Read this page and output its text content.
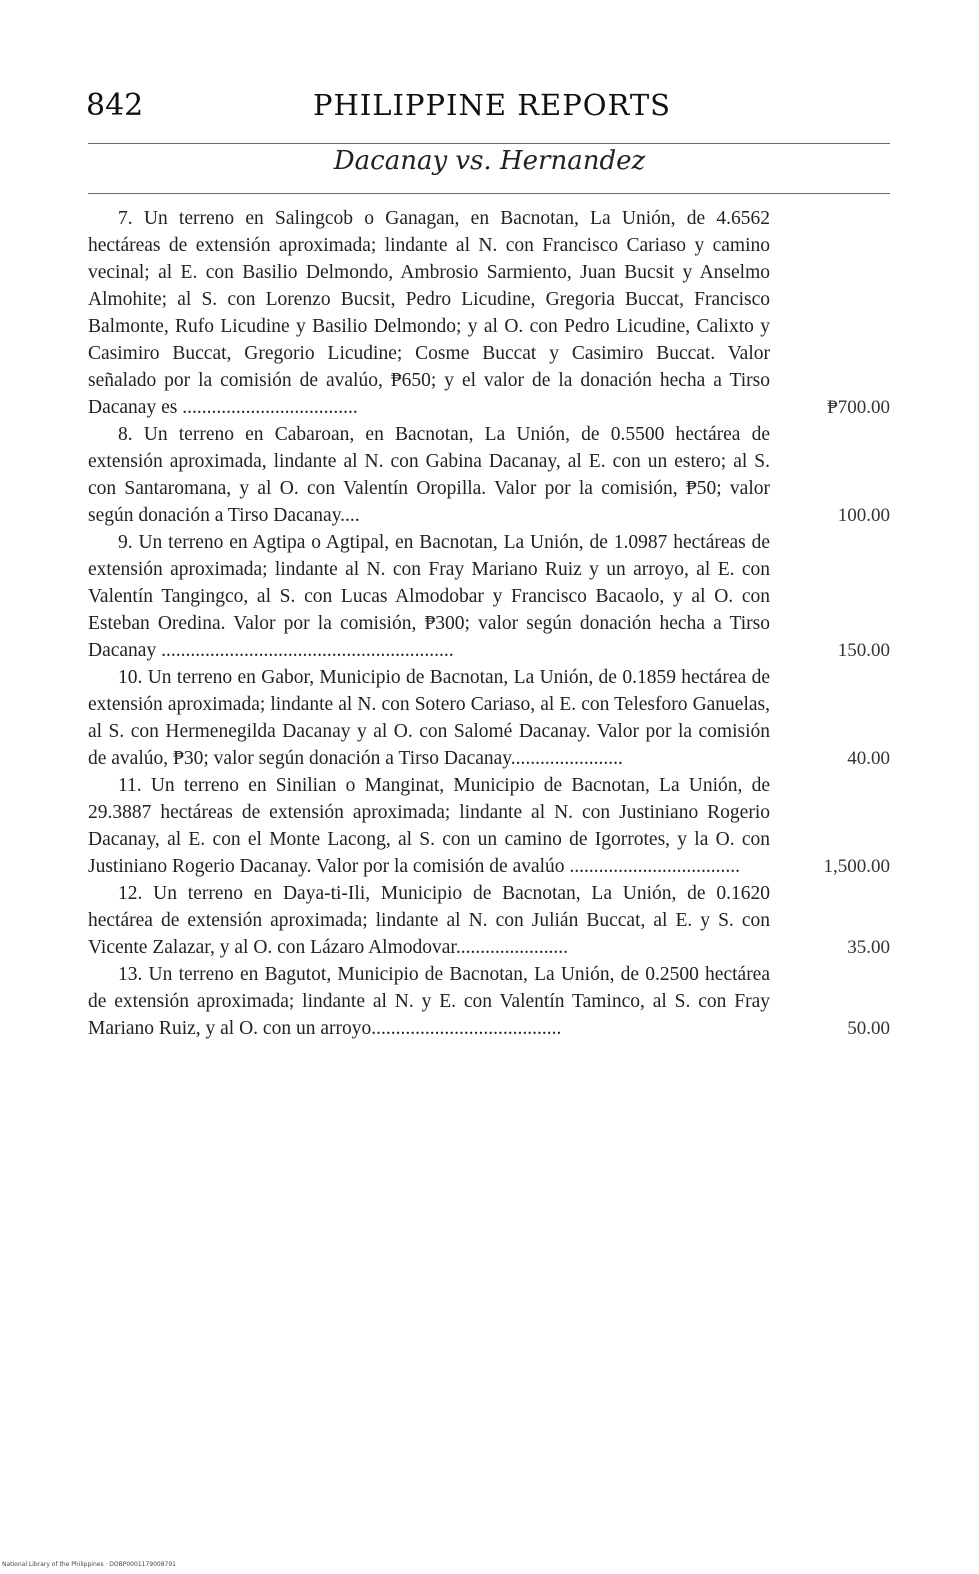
842	PHILIPPINE REPORTS
Dacanay vs. Hernandez

7. Un terreno en Salingcob o Ganagan, en Bacnotan, La Unión, de 4.6562 hectáreas de extensión aproximada; lindante al N. con Francisco Cariaso y camino vecinal; al E. con Basilio Delmondo, Ambrosio Sarmiento, Juan Bucsit y Anselmo Almohite; al S. con Lorenzo Bucsit, Pedro Licudine, Gregoria Buccat, Francisco Balmonte, Rufo Licudine y Basilio Delmondo; y al O. con Pedro Licudine, Calixto y Casimiro Buccat, Gregorio Licudine; Cosme Buccat y Casimiro Buccat. Valor señalado por la comisión de avalúo, ₱650; y el valor de la donación hecha a Tirso Dacanay es ....................................	₱700.00

8. Un terreno en Cabaroan, en Bacnotan, La Unión, de 0.5500 hectárea de extensión aproximada, lindante al N. con Gabina Dacanay, al E. con un estero; al S. con Santaromana, y al O. con Valentín Oropilla. Valor por la comisión, ₱50; valor según donación a Tirso Dacanay....	100.00

9. Un terreno en Agtipa o Agtipal, en Bacnotan, La Unión, de 1.0987 hectáreas de extensión aproximada; lindante al N. con Fray Mariano Ruiz y un arroyo, al E. con Valentín Tangingco, al S. con Lucas Almodobar y Francisco Bacaolo, y al O. con Esteban Oredina. Valor por la comisión, ₱300; valor según donación hecha a Tirso Dacanay ............................................................	150.00

10. Un terreno en Gabor, Municipio de Bacnotan, La Unión, de 0.1859 hectárea de extensión aproximada; lindante al N. con Sotero Cariaso, al E. con Telesforo Ganuelas, al S. con Hermenegilda Dacanay y al O. con Salomé Dacanay. Valor por la comisión de avalúo, ₱30; valor según donación a Tirso Dacanay.......................	40.00

11. Un terreno en Sinilian o Manginat, Municipio de Bacnotan, La Unión, de 29.3887 hectáreas de extensión aproximada; lindante al N. con Justiniano Rogerio Dacanay, al E. con el Monte Lacong, al S. con un camino de Igorrotes, y la O. con Justiniano Rogerio Dacanay. Valor por la comisión de avalúo ...................................	1,500.00

12. Un terreno en Daya-ti-Ili, Municipio de Bacnotan, La Unión, de 0.1620 hectárea de extensión aproximada; lindante al N. con Julián Buccat, al E. y S. con Vicente Zalazar, y al O. con Lázaro Almodovar.......................	35.00

13. Un terreno en Bagutot, Municipio de Bacnotan, La Unión, de 0.2500 hectárea de extensión aproximada; lindante al N. y E. con Valentín Taminco, al S. con Fray Mariano Ruiz, y al O. con un arroyo.......................................	50.00
National Library of the Philippines · DOBP0001179008791
